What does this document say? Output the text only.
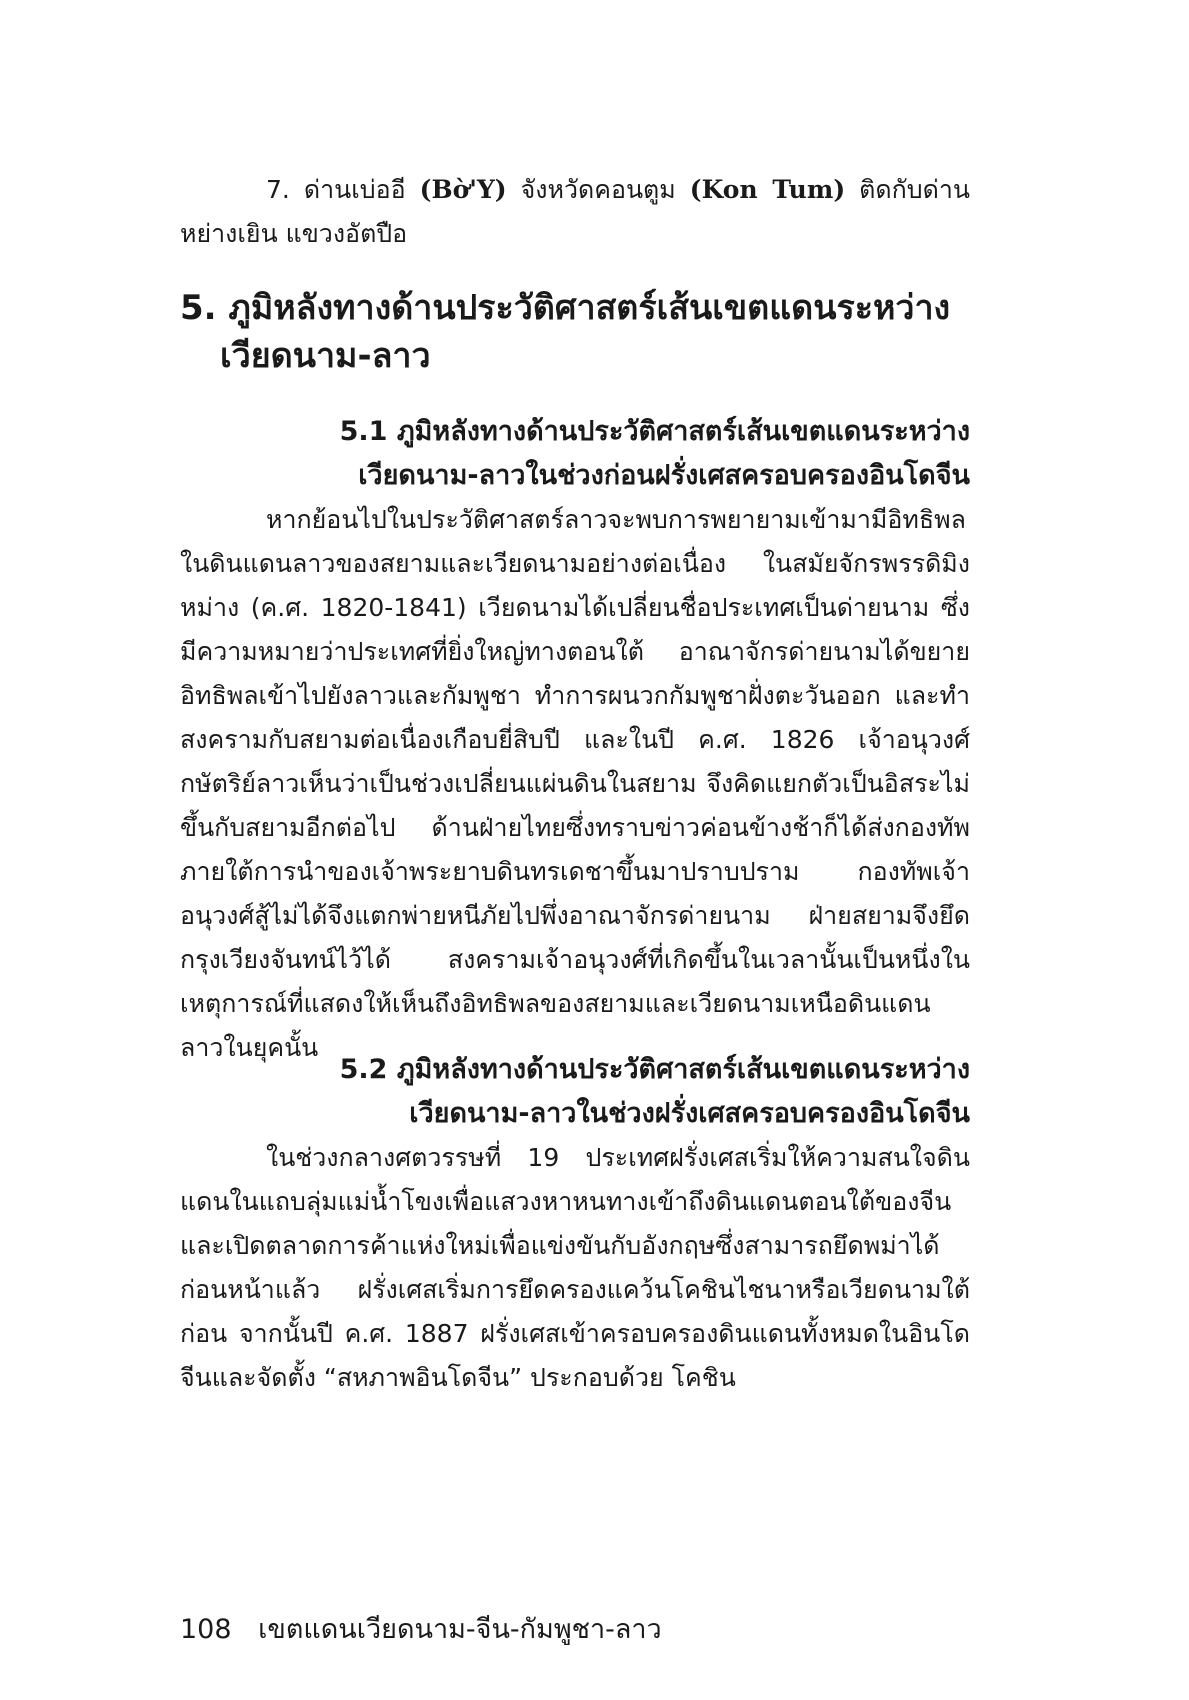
7. ด่านเบ่ออี (Bờ'Y) จังหวัดคอนตูม (Kon Tum) ติดกับด่านหย่างเยิน แขวงอัตปือ

5. ภูมิหลังทางด้านประวัติศาสตร์เส้นเขตแดนระหว่าง เวียดนาม-ลาว
5.1 ภูมิหลังทางด้านประวัติศาสตร์เส้นเขตแดนระหว่าง
เวียดนาม-ลาวในช่วงก่อนฝรั่งเศสครอบครองอินโดจีน

หากย้อนไปในประวัติศาสตร์ลาวจะพบการพยายามเข้ามามีอิทธิพลในดินแดนลาวของสยามและเวียดนามอย่างต่อเนื่อง ในสมัยจักรพรรดิมิงหม่าง (ค.ศ. 1820-1841) เวียดนามได้เปลี่ยนชื่อประเทศเป็นด่ายนาม ซึ่งมีความหมายว่าประเทศที่ยิ่งใหญ่ทางตอนใต้ อาณาจักรด่ายนามได้ขยายอิทธิพลเข้าไปยังลาวและกัมพูชา ทำการผนวกกัมพูชาฝั่งตะวันออก และทำสงครามกับสยามต่อเนื่องเกือบยี่สิบปี และในปี ค.ศ. 1826 เจ้าอนุวงศ์กษัตริย์ลาวเห็นว่าเป็นช่วงเปลี่ยนแผ่นดินในสยาม จึงคิดแยกตัวเป็นอิสระไม่ขึ้นกับสยามอีกต่อไป ด้านฝ่ายไทยซึ่งทราบข่าวค่อนข้างช้าก็ได้ส่งกองทัพภายใต้การนำของเจ้าพระยาบดินทรเดชาขึ้นมาปราบปราม กองทัพเจ้าอนุวงศ์สู้ไม่ได้จึงแตกพ่ายหนีภัยไปพึ่งอาณาจักรด่ายนาม ฝ่ายสยามจึงยึดกรุงเวียงจันทน์ไว้ได้ สงครามเจ้าอนุวงศ์ที่เกิดขึ้นในเวลานั้นเป็นหนึ่งในเหตุการณ์ที่แสดงให้เห็นถึงอิทธิพลของสยามและเวียดนามเหนือดินแดนลาวในยุคนั้น

5.2 ภูมิหลังทางด้านประวัติศาสตร์เส้นเขตแดนระหว่าง
เวียดนาม-ลาวในช่วงฝรั่งเศสครอบครองอินโดจีน

ในช่วงกลางศตวรรษที่ 19 ประเทศฝรั่งเศสเริ่มให้ความสนใจดินแดนในแถบลุ่มแม่น้ำโขงเพื่อแสวงหาหนทางเข้าถึงดินแดนตอนใต้ของจีนและเปิดตลาดการค้าแห่งใหม่เพื่อแข่งขันกับอังกฤษซึ่งสามารถยึดพม่าได้ก่อนหน้าแล้ว ฝรั่งเศสเริ่มการยึดครองแคว้นโคชินไชนาหรือเวียดนามใต้ก่อน จากนั้นปี ค.ศ. 1887 ฝรั่งเศสเข้าครอบครองดินแดนทั้งหมดในอินโดจีนและจัดตั้ง “สหภาพอินโดจีน” ประกอบด้วย โคชิน

108 เขตแดนเวียดนาม-จีน-กัมพูชา-ลาว
